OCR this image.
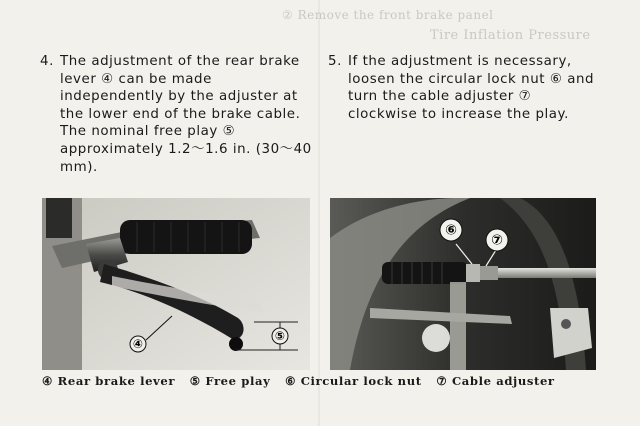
② Remove the front brake panel
Tire Inflation Pressure
4. The adjustment of the rear brake lever ④ can be made independently by the adjuster at the lower end of the brake cable.

The nominal free play ⑤ approximately 1.2～1.6 in. (30～40 mm).

5. If the adjustment is necessary, loosen the circular lock nut ⑥ and turn the cable adjuster ⑦ clockwise to increase the play.

④
⑤
⑥
⑦
④ Rear brake lever ⑤ Free play ⑥ Circular lock nut ⑦ Cable adjuster
